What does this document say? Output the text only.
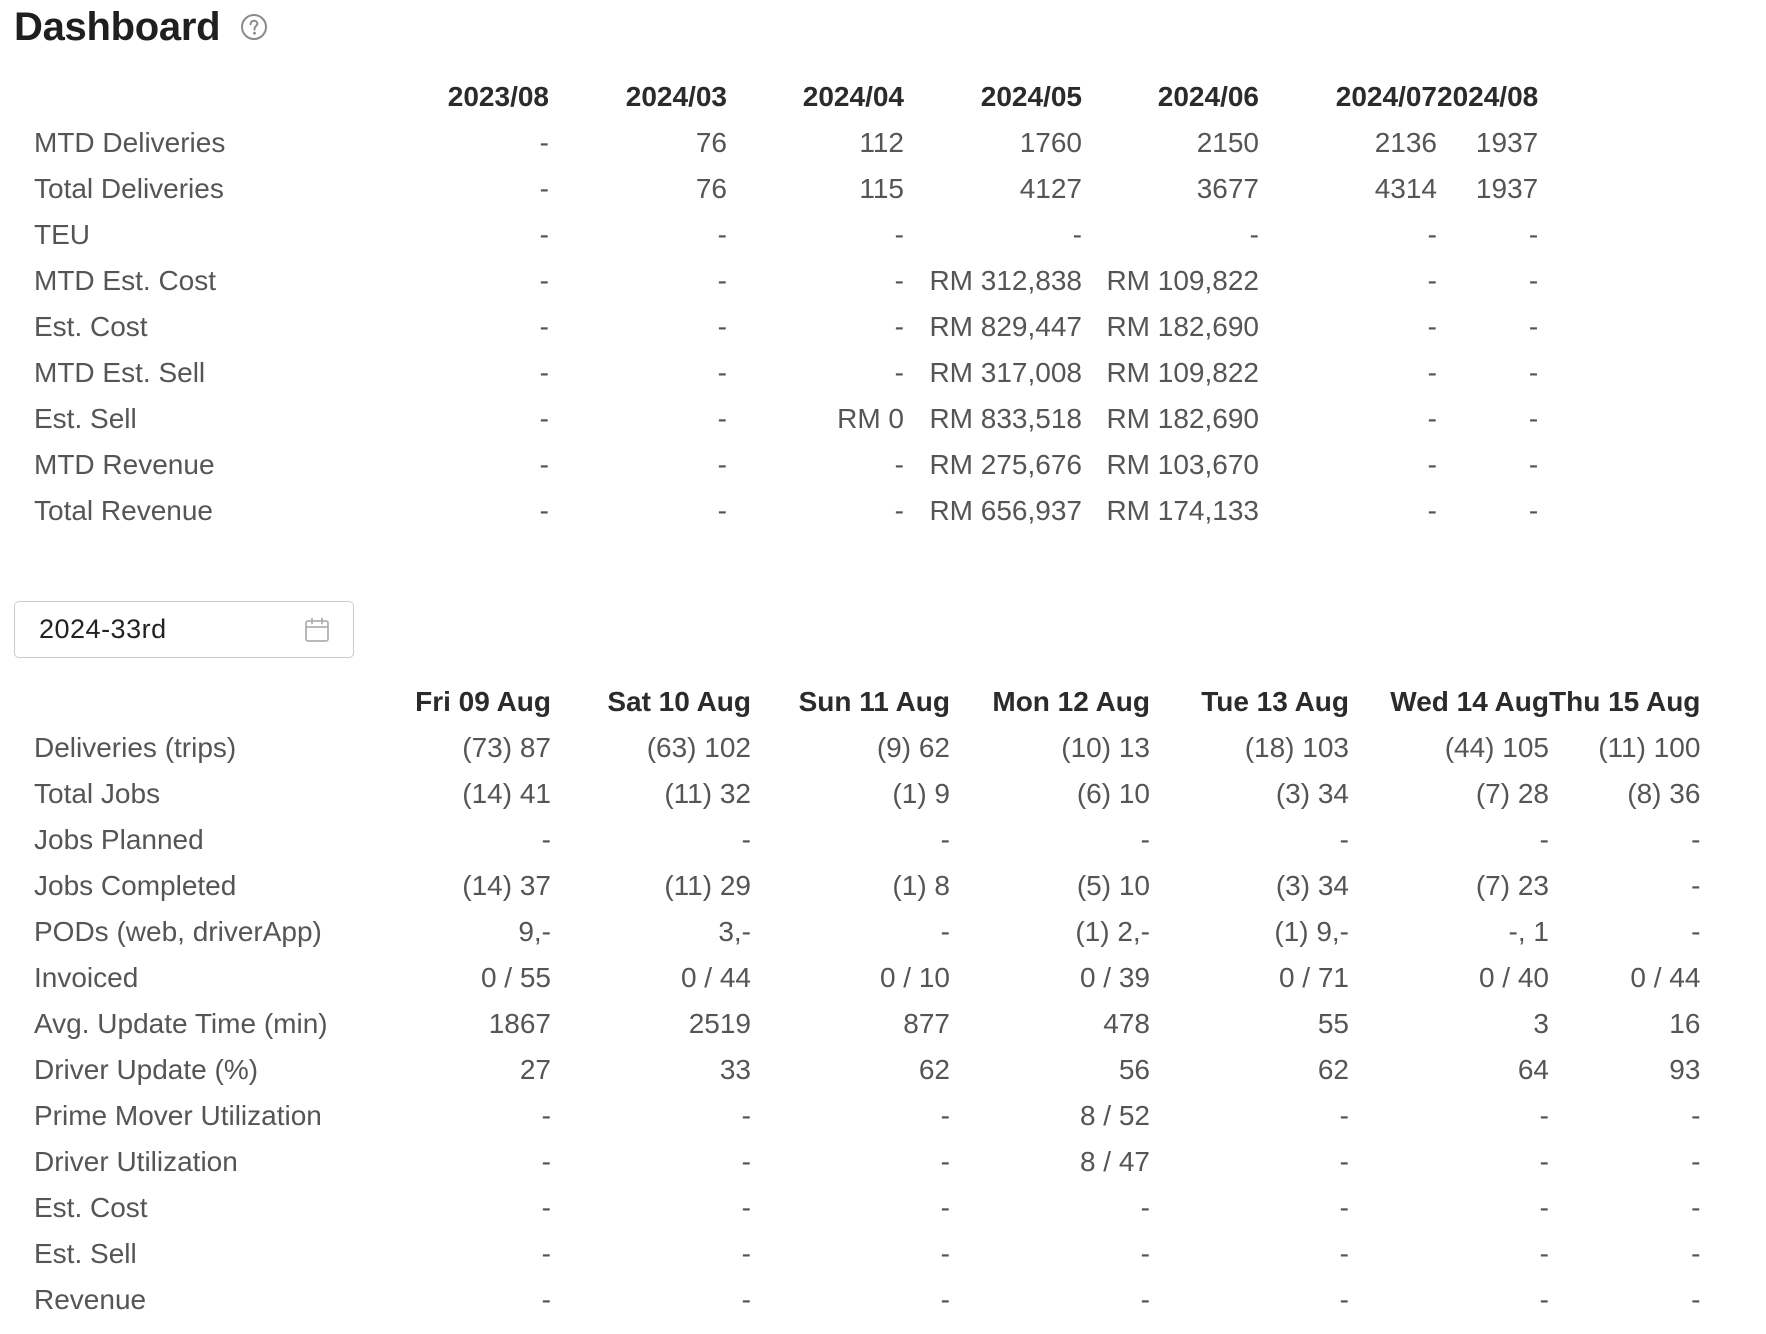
Dashboard
	2023/08	2024/03	2024/04	2024/05	2024/06	2024/07	2024/08
MTD Deliveries	-	76	112	1760	2150	2136	1937
Total Deliveries	-	76	115	4127	3677	4314	1937
TEU	-	-	-	-	-	-	-
MTD Est. Cost	-	-	-	RM 312,838	RM 109,822	-	-
Est. Cost	-	-	-	RM 829,447	RM 182,690	-	-
MTD Est. Sell	-	-	-	RM 317,008	RM 109,822	-	-
Est. Sell	-	-	RM 0	RM 833,518	RM 182,690	-	-
MTD Revenue	-	-	-	RM 275,676	RM 103,670	-	-
Total Revenue	-	-	-	RM 656,937	RM 174,133	-	-
2024-33rd
	Fri 09 Aug	Sat 10 Aug	Sun 11 Aug	Mon 12 Aug	Tue 13 Aug	Wed 14 Aug	Thu 15 Aug
Deliveries (trips)	(73) 87	(63) 102	(9) 62	(10) 13	(18) 103	(44) 105	(11) 100
Total Jobs	(14) 41	(11) 32	(1) 9	(6) 10	(3) 34	(7) 28	(8) 36
Jobs Planned	-	-	-	-	-	-	-
Jobs Completed	(14) 37	(11) 29	(1) 8	(5) 10	(3) 34	(7) 23	-
PODs (web, driverApp)	9,-	3,-	-	(1) 2,-	(1) 9,-	-, 1	-
Invoiced	0 / 55	0 / 44	0 / 10	0 / 39	0 / 71	0 / 40	0 / 44
Avg. Update Time (min)	1867	2519	877	478	55	3	16
Driver Update (%)	27	33	62	56	62	64	93
Prime Mover Utilization	-	-	-	8 / 52	-	-	-
Driver Utilization	-	-	-	8 / 47	-	-	-
Est. Cost	-	-	-	-	-	-	-
Est. Sell	-	-	-	-	-	-	-
Revenue	-	-	-	-	-	-	-
